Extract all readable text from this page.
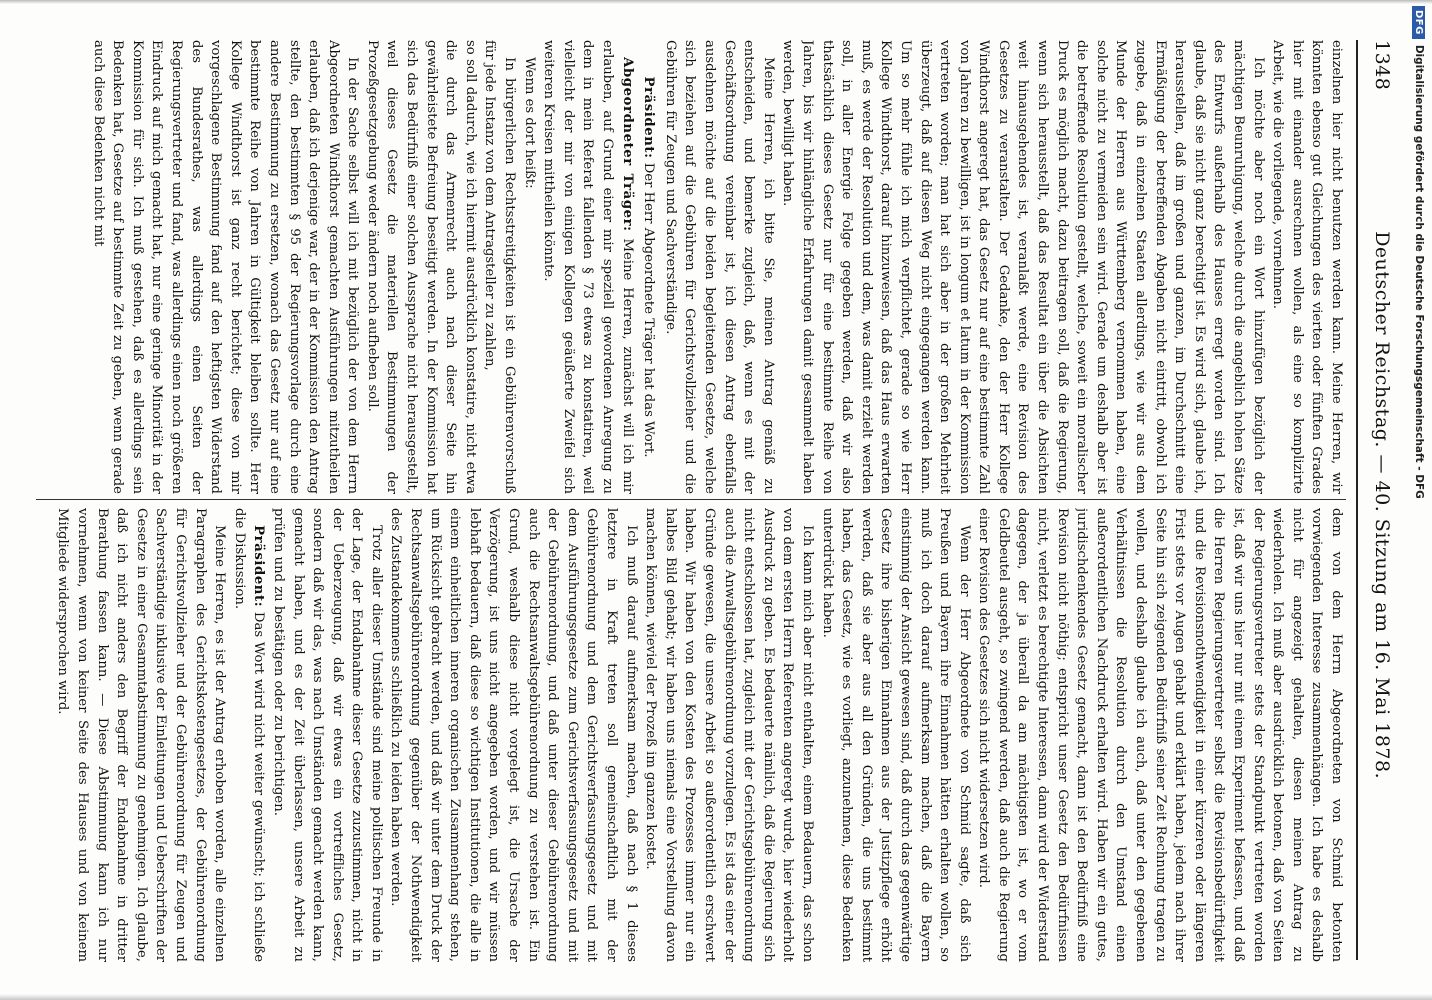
1348
Deutscher Reichstag. — 40. Sitzung am 16. Mai 1878.

einzelnen hier nicht benutzen werden kann. Meine Herren, wir könnten ebenso gut Gleichungen des vierten oder fünften Grades hier mit einander ausrechnen wollen, als eine so komplizirte Arbeit, wie die vorliegende, vornehmen.

Ich möchte aber noch ein Wort hinzufügen bezüglich der mächtigen Beunruhigung, welche durch die angeblich hohen Sätze des Entwurfs außerhalb des Hauses erregt worden sind. Ich glaube, daß sie nicht ganz berechtigt ist. Es wird sich, glaube ich, herausstellen, daß im großen und ganzen, im Durchschnitt eine Ermäßigung der betreffenden Abgaben nicht eintritt, obwohl ich zugebe, daß in einzelnen Staaten allerdings, wie wir aus dem Munde der Herren aus Württemberg vernommen haben, eine solche nicht zu vermeiden sein wird. Gerade um deshalb aber ist die betreffende Resolution gestellt, welche, soweit ein moralischer Druck es möglich macht, dazu beitragen soll, daß die Regierung, wenn sich herausstellt, daß das Resultat ein über die Absichten weit hinausgehendes ist, veranlaßt werde, eine Revision des Gesetzes zu veranstalten. Der Gedanke, den der Herr Kollege Windthorst angeregt hat, das Gesetz nur auf eine bestimmte Zahl von Jahren zu bewilligen, ist in longum et latum in der Kommission vertreten worden; man hat sich aber in der großen Mehrheit überzeugt, daß auf diesen Weg nicht eingegangen werden kann. Um so mehr fühle ich mich verpflichtet, gerade so wie Herr Kollege Windthorst, darauf hinzuweisen, daß das Haus erwarten muß, es werde der Resolution und dem, was damit erzielt werden soll, in aller Energie Folge gegeben werden, daß wir also thatsächlich dieses Gesetz nur für eine bestimmte Reihe von Jahren, bis wir hinlängliche Erfahrungen damit gesammelt haben werden, bewilligt haben.

Meine Herren, ich bitte Sie, meinen Antrag gemäß zu entscheiden, und bemerke zugleich, daß, wenn es mit der Geschäftsordnung vereinbar ist, ich diesen Antrag ebenfalls ausdehnen möchte auf die beiden begleitenden Gesetze, welche sich beziehen auf die Gebühren für Gerichtsvollzieher und die Gebühren für Zeugen und Sachverständige.

Präsident: Der Herr Abgeordnete Träger hat das Wort.

Abgeordneter Träger: Meine Herren, zunächst will ich mir erlauben, auf Grund einer mir speziell gewordenen Anregung zu dem in mein Referat fallenden § 73 etwas zu konstatiren, weil vielleicht der mir von einigen Kollegen geäußerte Zweifel sich weiteren Kreisen mittheilen könnte.

Wenn es dort heißt:

In bürgerlichen Rechtsstreitigkeiten ist ein Gebührenvorschuß für jede Instanz von dem Antragsteller zu zahlen,

so soll dadurch, wie ich hiermit ausdrücklich konstatire, nicht etwa die durch das Armenrecht auch nach dieser Seite hin gewährleistete Befreiung beseitigt werden. In der Kommission hat sich das Bedürfniß einer solchen Aussprache nicht herausgestellt, weil dieses Gesetz die materiellen Bestimmungen der Prozeßgesetzgebung weder ändern noch aufheben soll.

In der Sache selbst will ich mit bezüglich der von dem Herrn Abgeordneten Windthorst gemachten Ausführungen mitzutheilen erlauben, daß ich derjenige war, der in der Kommission den Antrag stellte, den bestimmten § 95 der Regierungsvorlage durch eine andere Bestimmung zu ersetzen, wonach das Gesetz nur auf eine bestimmte Reihe von Jahren in Gültigkeit bleiben sollte. Herr Kollege Windthorst ist ganz recht berichtet; diese von mir vorgeschlagene Bestimmung fand auf den heftigsten Widerstand des Bundesrathes, was allerdings einen Seiten der Regierungsvertreter und fand, was allerdings einen noch größeren Eindruck auf mich gemacht hat, nur eine geringe Minorität in der Kommission für sich. Ich muß gestehen, daß es allerdings sein Bedenken hat, Gesetze auf bestimmte Zeit zu geben, wenn gerade auch diese Bedenken nicht mit

dem von dem Herrn Abgeordneten von Schmid betonten vorwiegenden Interesse zusammenhängen. Ich habe es deshalb nicht für angezeigt gehalten, diesen meinen Antrag zu wiederholen. Ich muß aber ausdrücklich betonen, daß von Seiten der Regierungsvertreter stets der Standpunkt vertreten worden ist, daß wir uns hier nur mit einem Experiment befassen, und daß die Herren Regierungsvertreter selbst die Revisionsbedürftigkeit und die Revisionsnothwendigkeit in einer kürzeren oder längeren Frist stets vor Augen gehabt und erklärt haben, jedem nach ihrer Seite hin sich zeigenden Bedürfniß seiner Zeit Rechnung tragen zu wollen, und deshalb glaube ich auch, daß unter den gegebenen Verhältnissen die Resolution durch den Umstand einen außerordentlichen Nachdruck erhalten wird. Haben wir ein gutes, juridischdenkendes Gesetz gemacht, dann ist den Bedürfniß eine Revision nicht nöthig; entspricht unser Gesetz den Bedürfnissen nicht, verletzt es berechtigte Interessen, dann wird der Widerstand dagegen, der ja überall da am mächtigsten ist, wo er vom Geldbeutel ausgeht, so zwingend werden, daß auch die Regierung einer Revision des Gesetzes sich nicht widersetzen wird.

Wenn der Herr Abgeordnete von Schmid sagte, daß sich Preußen und Bayern ihre Einnahmen hätten erhalten wollen, so muß ich doch darauf aufmerksam machen, daß die Bayern einstimmig der Ansicht gewesen sind, daß durch das gegenwärtige Gesetz ihre bisherigen Einnahmen aus der Justizpflege erhöht werden, daß sie aber aus all den Gründen, die uns bestimmt haben, das Gesetz, wie es vorliegt, anzunehmen, diese Bedenken unterdrückt haben.

Ich kann mich aber nicht enthalten, einem Bedauern, das schon von dem ersten Herrn Referenten angeregt wurde, hier wiederholt Ausdruck zu geben. Es bedauerte nämlich, daß die Regierung sich nicht entschlossen hat, zugleich mit der Gerichtsgebührenordnung auch die Anwaltsgebührenordnung vorzulegen. Es ist das einer der Gründe gewesen, die unsere Arbeit so außerordentlich erschwert haben. Wir haben von den Kosten des Prozesses immer nur ein halbes Bild gehabt; wir haben uns niemals eine Vorstellung davon machen können, wieviel der Prozeß im ganzen kostet.

Ich muß darauf aufmerksam machen, daß nach § 1 dieses letztere in Kraft treten soll gemeinschaftlich mit der Gebührenordnung und dem Gerichtsverfassungsgesetz und mit dem Ausführungsgesetze zum Gerichtsverfassungsgesetz und mit der Gebührenordnung, und daß unter dieser Gebührenordnung auch die Rechtsanwaltsgebührenordnung zu verstehen ist. Ein Grund, weshalb diese nicht vorgelegt ist, die Ursache der Verzögerung, ist uns nicht angegeben worden, und wir müssen lebhaft bedauern, daß diese so wichtigen Institutionen, die alle in einem einheitlichen inneren organischen Zusammenhang stehen, um Rücksicht gebracht werden, und daß wir unter dem Druck der Rechtsanwaltsgebührenordnung gegenüber der Nothwendigkeit des Zustandekommens schließlich zu leiden haben werden.

Trotz aller dieser Umstände sind meine politischen Freunde in der Lage, der Endabnahme dieser Gesetze zuzustimmen, nicht in der Ueberzeugung, daß wir etwas ein vortreffliches Gesetz, sondern daß wir das, was nach Umständen gemacht werden kann, gemacht haben, und es der Zeit überlassen, unsere Arbeit zu prüfen und zu bestätigen oder zu berichtigen.

Präsident: Das Wort wird nicht weiter gewünscht; ich schließe die Diskussion.

Meine Herren, es ist der Antrag erhoben worden, alle einzelnen Paragraphen des Gerichtskostengesetzes, der Gebührenordnung für Gerichtsvollzieher und der Gebührenordnung für Zeugen und Sachverständige inklusive der Einleitungen und Ueberschriften der Gesetze in einer Gesammtabstimmung zu genehmigen. Ich glaube, daß ich nicht anders den Begriff der Endabnahme in dritter Berathung fassen kann. — Diese Abstimmung kann ich nur vornehmen, wenn von keiner Seite des Hauses und von keinem Mitgliede widersprochen wird.

DFG
Digitalisierung gefördert durch die Deutsche Forschungsgemeinschaft - DFG
